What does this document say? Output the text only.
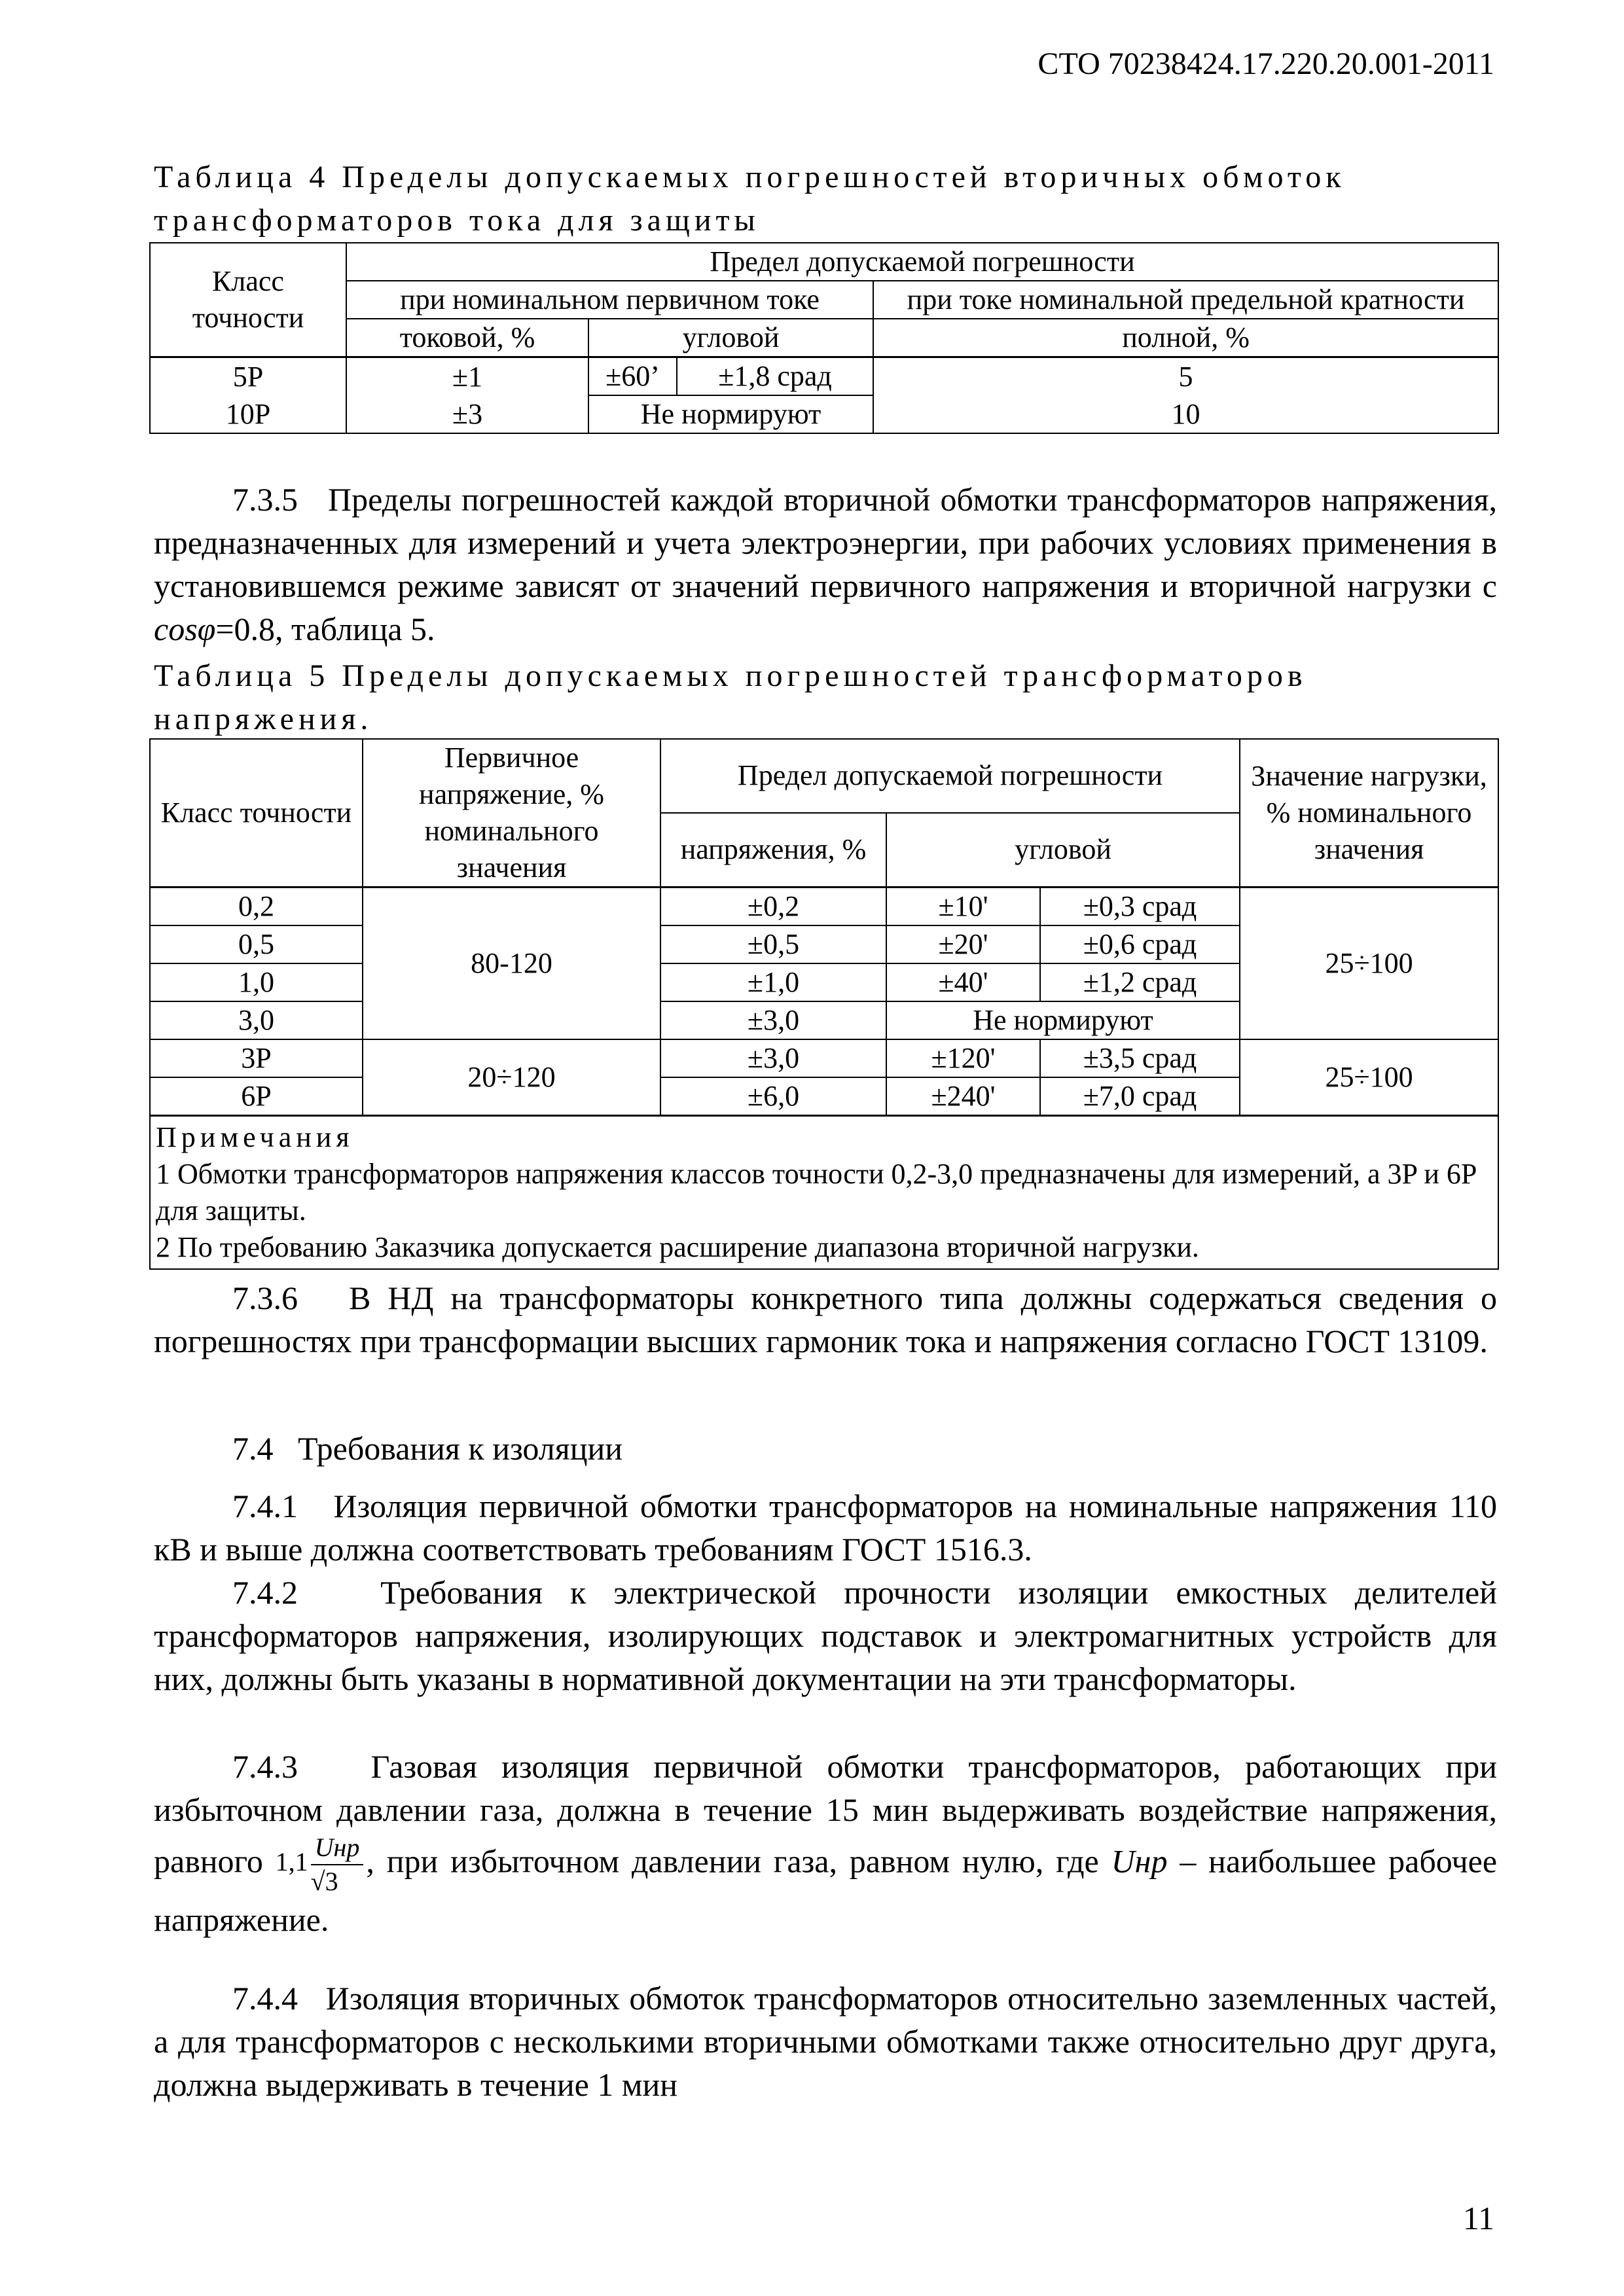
СТО 70238424.17.220.20.001-2011
Таблица 4 Пределы допускаемых погрешностей вторичных обмоток
трансформаторов тока для защиты
Класс точности	Предел допускаемой погрешности			
	при номинальном первичном токе			при токе номинальной предельной кратности
	токовой, %	угловой		полной, %
5P	±1	±60’	±1,8 срад	5
10P	±3	Не нормируют		10
7.3.5 Пределы погрешностей каждой вторичной обмотки трансформаторов напряжения, предназначенных для измерений и учета электроэнергии, при рабочих условиях применения в установившемся режиме зависят от значений первичного напряжения и вторичной нагрузки с cosφ=0.8, таблица 5.
Таблица 5 Пределы допускаемых погрешностей трансформаторов
напряжения.
Класс точности	Первичное напряжение, % номинального значения	Предел допускаемой погрешности			Значение нагрузки, % номинального значения
		напряжения, %	угловой		
0,2	80-120	±0,2	±10'	±0,3 срад	25÷100
0,5		±0,5	±20'	±0,6 срад	
1,0		±1,0	±40'	±1,2 срад	
3,0		±3,0	Не нормируют		
3P	20÷120	±3,0	±120'	±3,5 срад	25÷100
6P		±6,0	±240'	±7,0 срад	

Примечания
1 Обмотки трансформаторов напряжения классов точности 0,2-3,0 предназначены для измерений, а 3P и 6P для защиты.
2 По требованию Заказчика допускается расширение диапазона вторичной нагрузки.					
7.3.6 В НД на трансформаторы конкретного типа должны содержаться сведения о погрешностях при трансформации высших гармоник тока и напряжения согласно ГОСТ 13109.
7.4 Требования к изоляции
7.4.1 Изоляция первичной обмотки трансформаторов на номинальные напряжения 110 кВ и выше должна соответствовать требованиям ГОСТ 1516.3.
7.4.2	Требования к электрической прочности изоляции емкостных делителей трансформаторов напряжения, изолирующих подставок и электромагнитных устройств для них, должны быть указаны в нормативной документации на эти трансформаторы.
7.4.3 Газовая изоляция первичной обмотки трансформаторов, работающих при избыточном давлении газа, должна в течение 15 мин выдерживать воздействие напряжения, равного $1,1 \frac{\text{Uнр}}{√3}$ , при избыточном давлении газа, равном нулю, где Uнр – наибольшее рабочее напряжение.
7.4.4 Изоляция вторичных обмоток трансформаторов относительно заземленных частей, а для трансформаторов с несколькими вторичными обмотками также относительно друг друга, должна выдерживать в течение 1 мин
11
